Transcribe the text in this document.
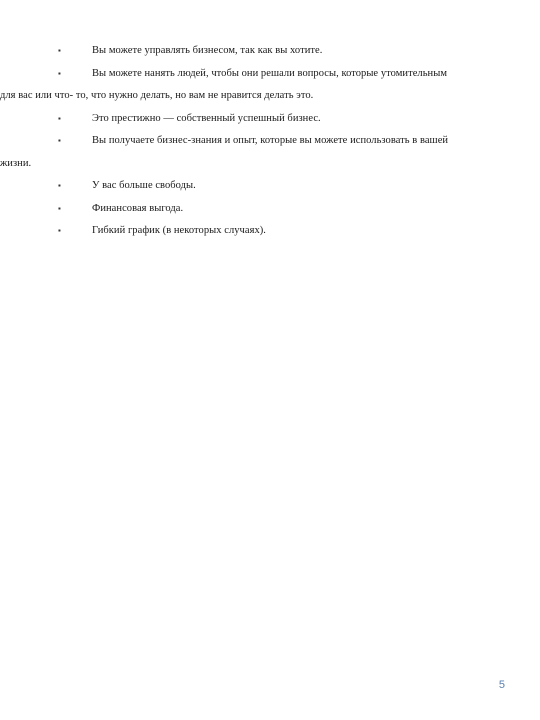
▪	Вы можете управлять бизнесом, так как вы хотите.
▪	Вы можете нанять людей, чтобы они решали вопросы, которые утомительным
для вас или что- то, что нужно делать, но вам не нравится делать это.
▪	Это престижно — собственный успешный бизнес.
▪	Вы получаете бизнес-знания и опыт, которые вы можете использовать в вашей
жизни.
▪	У вас больше свободы.
▪	Финансовая выгода.
▪	Гибкий график (в некоторых случаях).
5
